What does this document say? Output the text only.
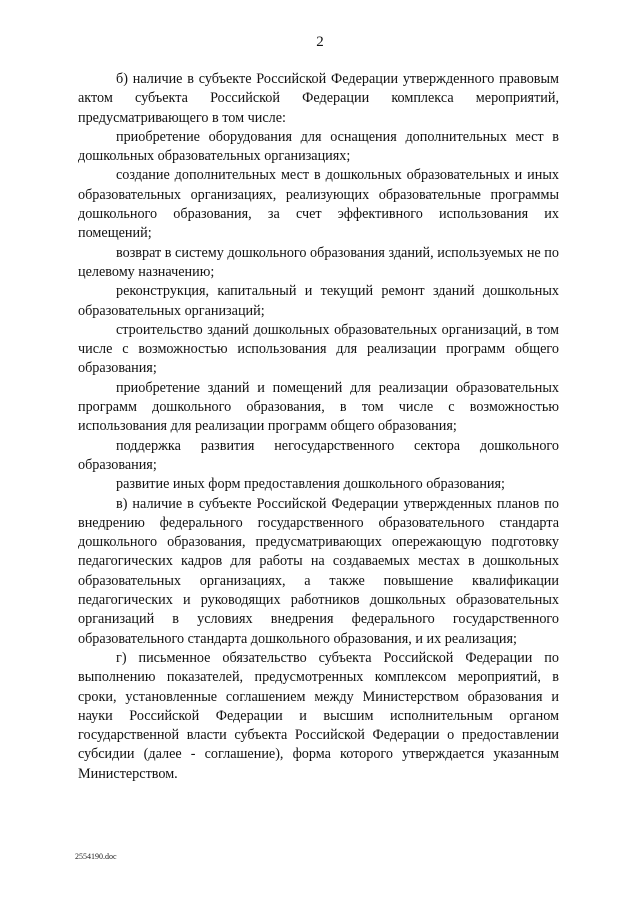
2

б) наличие в субъекте Российской Федерации утвержденного правовым актом субъекта Российской Федерации комплекса мероприятий, предусматривающего в том числе:

приобретение оборудования для оснащения дополнительных мест в дошкольных образовательных организациях;

создание дополнительных мест в дошкольных образовательных и иных образовательных организациях, реализующих образовательные программы дошкольного образования, за счет эффективного использования их помещений;

возврат в систему дошкольного образования зданий, используемых не по целевому назначению;

реконструкция, капитальный и текущий ремонт зданий дошкольных образовательных организаций;

строительство зданий дошкольных образовательных организаций, в том числе с возможностью использования для реализации программ общего образования;

приобретение зданий и помещений для реализации образовательных программ дошкольного образования, в том числе с возможностью использования для реализации программ общего образования;

поддержка развития негосударственного сектора дошкольного образования;

развитие иных форм предоставления дошкольного образования;

в) наличие в субъекте Российской Федерации утвержденных планов по внедрению федерального государственного образовательного стандарта дошкольного образования, предусматривающих опережающую подготовку педагогических кадров для работы на создаваемых местах в дошкольных образовательных организациях, а также повышение квалификации педагогических и руководящих работников дошкольных образовательных организаций в условиях внедрения федерального государственного образовательного стандарта дошкольного образования, и их реализация;

г) письменное обязательство субъекта Российской Федерации по выполнению показателей, предусмотренных комплексом мероприятий, в сроки, установленные соглашением между Министерством образования и науки Российской Федерации и высшим исполнительным органом государственной власти субъекта Российской Федерации о предоставлении субсидии (далее - соглашение), форма которого утверждается указанным Министерством.

2554190.doc
